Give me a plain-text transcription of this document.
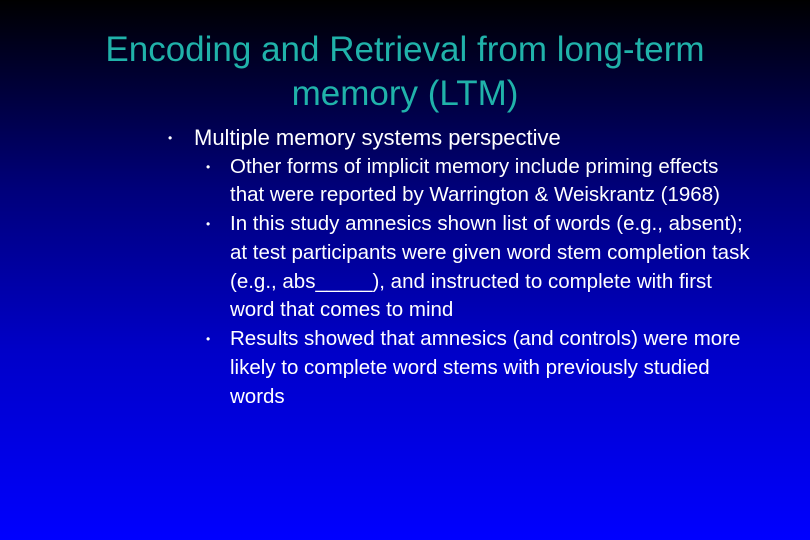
Encoding and Retrieval from long-term memory (LTM)
• Multiple memory systems perspective
• Other forms of implicit memory include priming effects that were reported by Warrington & Weiskrantz (1968)
• In this study amnesics shown list of words (e.g., absent); at test participants were given word stem completion task (e.g., abs_____), and instructed to complete with first word that comes to mind
• Results showed that amnesics (and controls) were more likely to complete word stems with previously studied words
